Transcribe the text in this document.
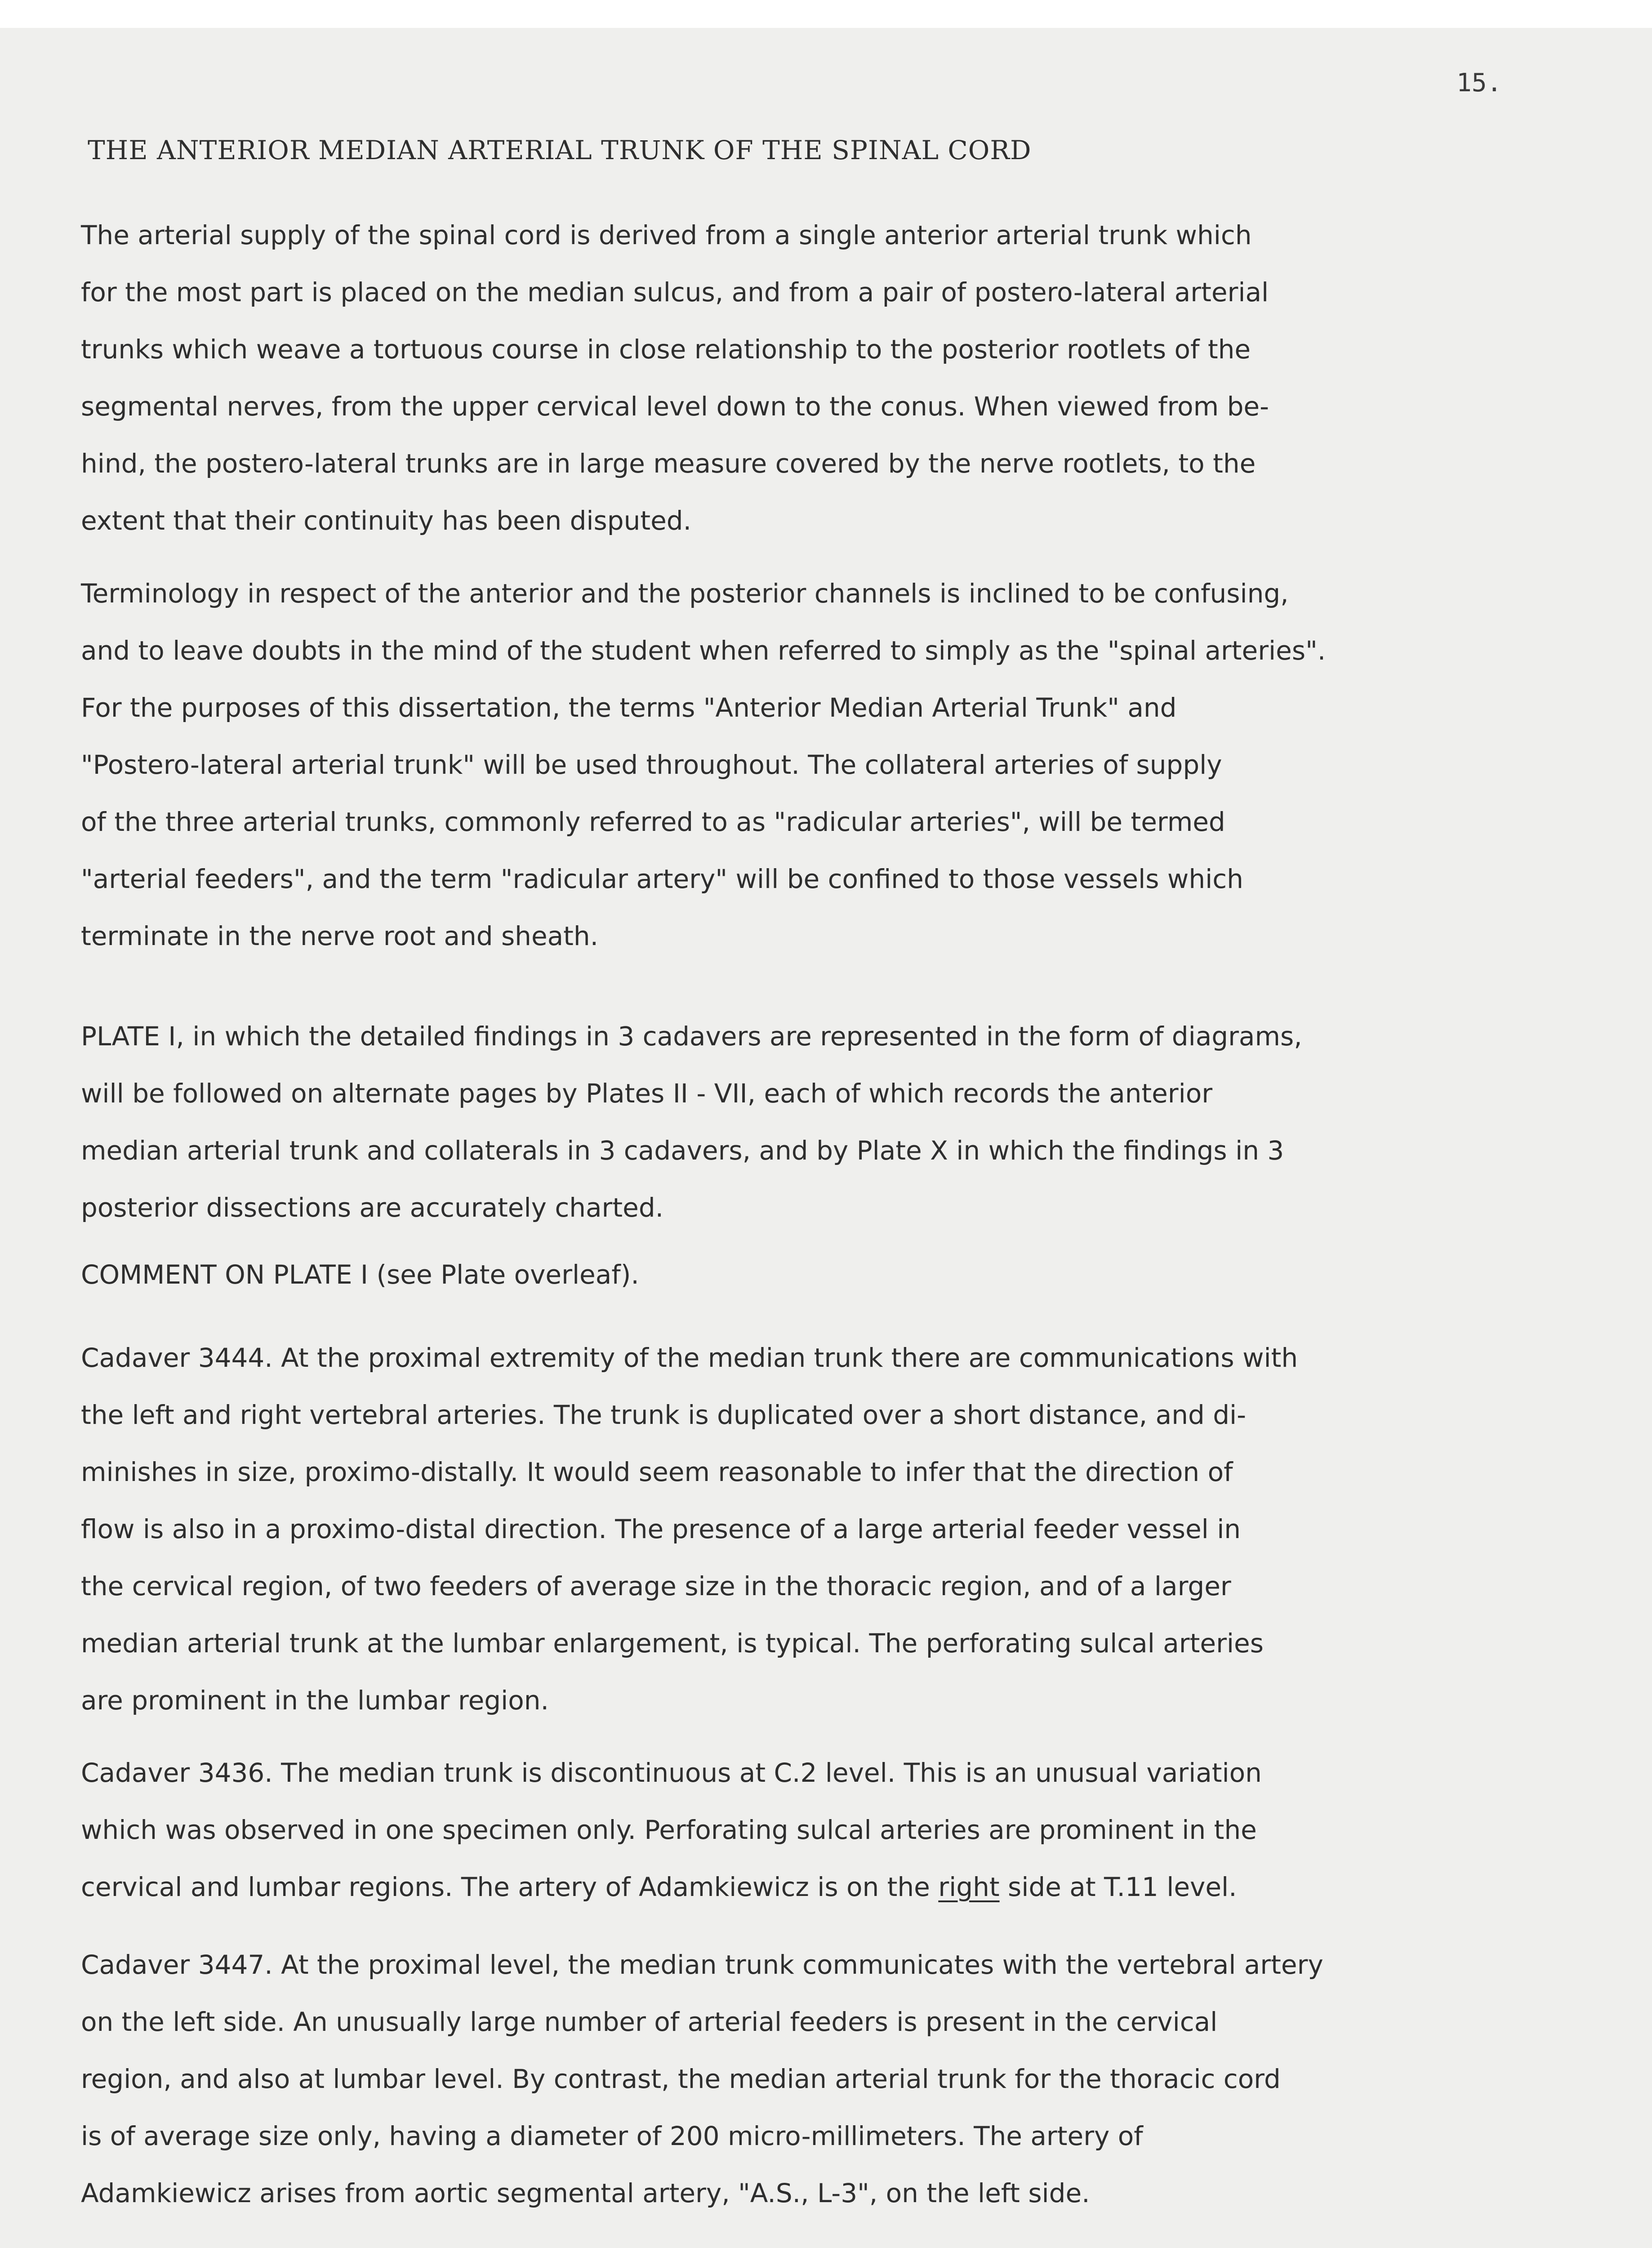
15.

THE ANTERIOR MEDIAN ARTERIAL TRUNK OF THE SPINAL CORD

The arterial supply of the spinal cord is derived from a single anterior arterial trunk which
for the most part is placed on the median sulcus, and from a pair of postero-lateral arterial
trunks which weave a tortuous course in close relationship to the posterior rootlets of the
segmental nerves, from the upper cervical level down to the conus. When viewed from be-
hind, the postero-lateral trunks are in large measure covered by the nerve rootlets, to the
extent that their continuity has been disputed.

Terminology in respect of the anterior and the posterior channels is inclined to be confusing,
and to leave doubts in the mind of the student when referred to simply as the "spinal arteries".
For the purposes of this dissertation, the terms "Anterior Median Arterial Trunk" and
"Postero-lateral arterial trunk" will be used throughout. The collateral arteries of supply
of the three arterial trunks, commonly referred to as "radicular arteries", will be termed
"arterial feeders", and the term "radicular artery" will be confined to those vessels which
terminate in the nerve root and sheath.

PLATE I, in which the detailed findings in 3 cadavers are represented in the form of diagrams,
will be followed on alternate pages by Plates II - VII, each of which records the anterior
median arterial trunk and collaterals in 3 cadavers, and by Plate X in which the findings in 3
posterior dissections are accurately charted.

COMMENT ON PLATE I (see Plate overleaf).

Cadaver 3444. At the proximal extremity of the median trunk there are communications with
the left and right vertebral arteries. The trunk is duplicated over a short distance, and di-
minishes in size, proximo-distally. It would seem reasonable to infer that the direction of
flow is also in a proximo-distal direction. The presence of a large arterial feeder vessel in
the cervical region, of two feeders of average size in the thoracic region, and of a larger
median arterial trunk at the lumbar enlargement, is typical. The perforating sulcal arteries
are prominent in the lumbar region.

Cadaver 3436. The median trunk is discontinuous at C.2 level. This is an unusual variation
which was observed in one specimen only. Perforating sulcal arteries are prominent in the
cervical and lumbar regions. The artery of Adamkiewicz is on the right side at T.11 level.

Cadaver 3447. At the proximal level, the median trunk communicates with the vertebral artery
on the left side. An unusually large number of arterial feeders is present in the cervical
region, and also at lumbar level. By contrast, the median arterial trunk for the thoracic cord
is of average size only, having a diameter of 200 micro-millimeters. The artery of
Adamkiewicz arises from aortic segmental artery, "A.S., L-3", on the left side.
